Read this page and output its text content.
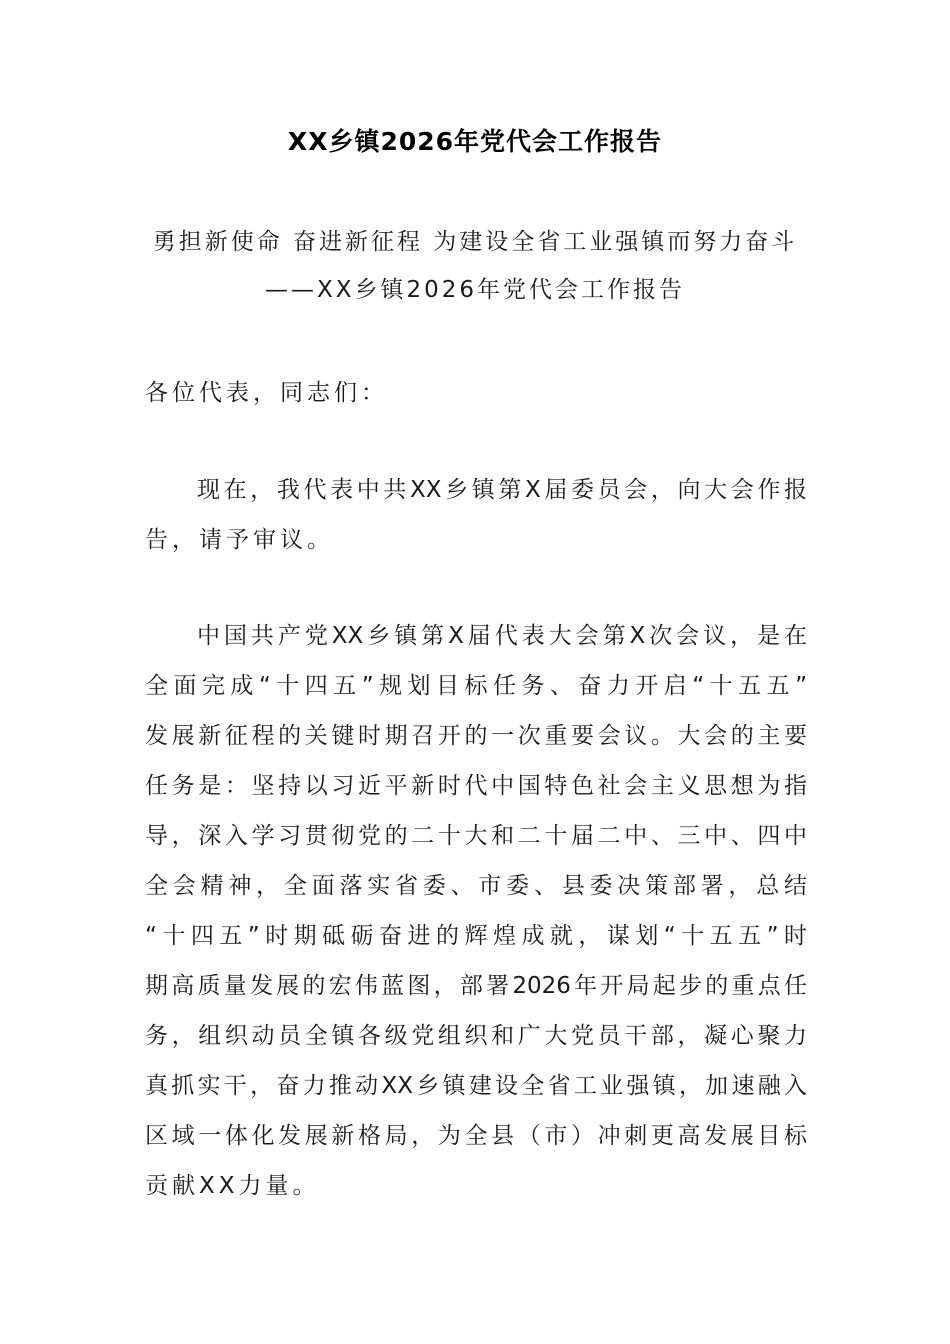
XX乡镇2026年党代会工作报告
勇担新使命 奋进新征程 为建设全省工业强镇而努力奋斗
——XX乡镇2026年党代会工作报告
各位代表，同志们：
现在，我代表中共XX乡镇第X届委员会，向大会作报
告，请予审议。
中国共产党XX乡镇第X届代表大会第X次会议，是在
全面完成“十四五”规划目标任务、奋力开启“十五五”
发展新征程的关键时期召开的一次重要会议。大会的主要
任务是：坚持以习近平新时代中国特色社会主义思想为指
导，深入学习贯彻党的二十大和二十届二中、三中、四中
全会精神，全面落实省委、市委、县委决策部署，总结
“十四五”时期砥砺奋进的辉煌成就，谋划“十五五”时
期高质量发展的宏伟蓝图，部署2026年开局起步的重点任
务，组织动员全镇各级党组织和广大党员干部，凝心聚力
真抓实干，奋力推动XX乡镇建设全省工业强镇，加速融入
区域一体化发展新格局，为全县（市）冲刺更高发展目标
贡献XX力量。
